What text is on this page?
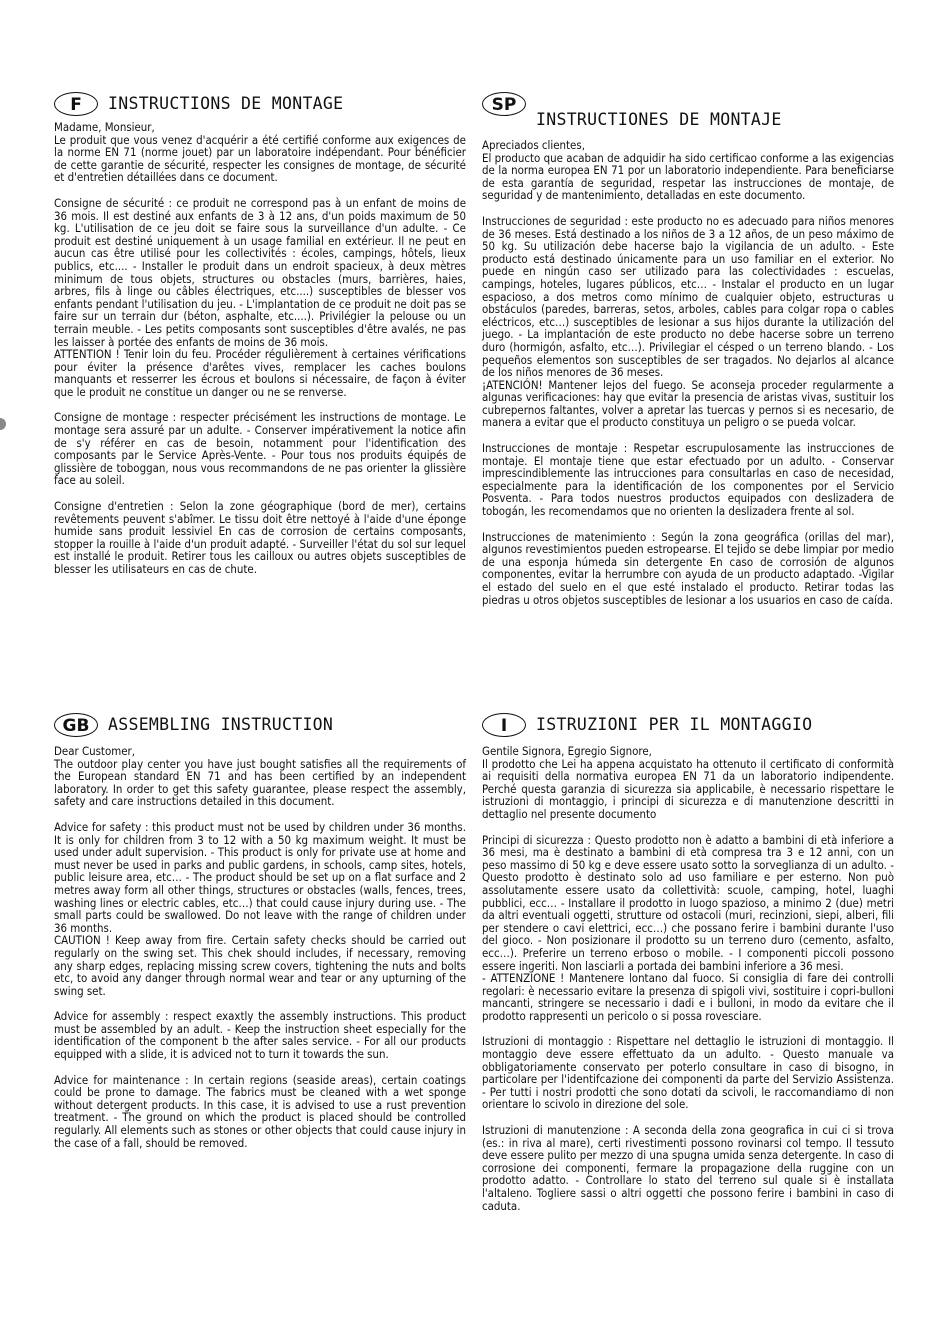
F	INSTRUCTIONS DE MONTAGE

Madame, Monsieur,
Le produit que vous venez d'acquérir a été certifié conforme aux exigences de la norme EN 71 (norme jouet) par un laboratoire indépendant. Pour bénéficier de cette garantie de sécurité, respecter les consignes de montage, de sécurité et d'entretien détaillées dans ce document.

Consigne de sécurité : ce produit ne correspond pas à un enfant de moins de 36 mois. Il est destiné aux enfants de 3 à 12 ans, d'un poids maximum de 50 kg. L'utilisation de ce jeu doit se faire sous la surveillance d'un adulte. - Ce produit est destiné uniquement à un usage familial en extérieur. Il ne peut en aucun cas être utilisé pour les collectivités : écoles, campings, hôtels, lieux publics, etc.... - Installer le produit dans un endroit spacieux, à deux mètres minimum de tous objets, structures ou obstacles (murs, barrières, haies, arbres, fils à linge ou câbles électriques, etc....) susceptibles de blesser vos enfants pendant l'utilisation du jeu. - L'implantation de ce produit ne doit pas se faire sur un terrain dur (béton, asphalte, etc....). Privilégier la pelouse ou un terrain meuble. - Les petits composants sont susceptibles d'être avalés, ne pas les laisser à portée des enfants de moins de 36 mois.
ATTENTION ! Tenir loin du feu. Procéder régulièrement à certaines vérifications pour éviter la présence d'arêtes vives, remplacer les caches boulons manquants et resserrer les écrous et boulons si nécessaire, de façon à éviter que le produit ne constitue un danger ou ne se renverse.

Consigne de montage : respecter précisément les instructions de montage. Le montage sera assuré par un adulte. - Conserver impérativement la notice afin de s'y référer en cas de besoin, notamment pour l'identification des composants par le Service Après-Vente. - Pour tous nos produits équipés de glissière de toboggan, nous vous recommandons de ne pas orienter la glissière face au soleil.

Consigne d'entretien : Selon la zone géographique (bord de mer), certains revêtements peuvent s'abîmer. Le tissu doit être nettoyé à l'aide d'une éponge humide sans produit lessiviel En cas de corrosion de certains composants, stopper la rouille à l'aide d'un produit adapté. - Surveiller l'état du sol sur lequel est installé le produit. Retirer tous les cailloux ou autres objets susceptibles de blesser les utilisateurs en cas de chute.

SP
INSTRUCTIONES DE MONTAJE

Apreciados clientes,
El producto que acaban de adquidir ha sido certificao conforme a las exigencias de la norma europea EN 71 por un laboratorio independiente. Para beneficiarse de esta garantía de seguridad, respetar las instrucciones de montaje, de seguridad y de mantenimiento, detalladas en este documento.

Instrucciones de seguridad : este producto no es adecuado para niños menores de 36 meses. Está destinado a los niños de 3 a 12 años, de un peso máximo de 50 kg. Su utilización debe hacerse bajo la vigilancia de un adulto. - Este producto está destinado únicamente para un uso familiar en el exterior. No puede en ningún caso ser utilizado para las colectividades : escuelas, campings, hoteles, lugares públicos, etc… - Instalar el producto en un lugar espacioso, a dos metros como mínimo de cualquier objeto, estructuras u obstáculos (paredes, barreras, setos, arboles, cables para colgar ropa o cables eléctricos, etc…) susceptibles de lesionar a sus hijos durante la utilización del juego. - La implantación de este producto no debe hacerse sobre un terreno duro (hormigón, asfalto, etc…). Privilegiar el césped o un terreno blando. - Los pequeños elementos son susceptibles de ser tragados. No dejarlos al alcance de los niños menores de 36 meses.
¡ATENCIÓN! Mantener lejos del fuego. Se aconseja proceder regularmente a algunas verificaciones: hay que evitar la presencia de aristas vivas, sustituir los cubrepernos faltantes, volver a apretar las tuercas y pernos si es necesario, de manera a evitar que el producto constituya un peligro o se pueda volcar.

Instrucciones de montaje : Respetar escrupulosamente las instrucciones de montaje. El montaje tiene que estar efectuado por un adulto. - Conservar imprescindiblemente las intrucciones para consultarlas en caso de necesidad, especialmente para la identificación de los componentes por el Servicio Posventa. - Para todos nuestros productos equipados con deslizadera de tobogán, les recomendamos que no orienten la deslizadera frente al sol.

Instrucciones de matenimiento : Según la zona geográfica (orillas del mar), algunos revestimientos pueden estropearse. El tejido se debe limpiar por medio de una esponja húmeda sin detergente En caso de corrosión de algunos componentes, evitar la herrumbre con ayuda de un producto adaptado. -Vigilar el estado del suelo en el que esté instalado el producto. Retirar todas las piedras u otros objetos susceptibles de lesionar a los usuarios en caso de caída.

GB	ASSEMBLING INSTRUCTION

Dear Customer,
The outdoor play center you have just bought satisfies all the requirements of the European standard EN 71 and has been certified by an independent laboratory. In order to get this safety guarantee, please respect the assembly, safety and care instructions detailed in this document.

Advice for safety : this product must not be used by children under 36 months. It is only for children from 3 to 12 with a 50 kg maximum weight. It must be used under adult supervision. - This product is only for private use at home and must never be used in parks and public gardens, in schools, camp sites, hotels, public leisure area, etc… - The product should be set up on a flat surface and 2 metres away form all other things, structures or obstacles (walls, fences, trees, washing lines or electric cables, etc…) that could cause injury during use. - The small parts could be swallowed. Do not leave with the range of children under 36 months.
CAUTION ! Keep away from fire. Certain safety checks should be carried out regularly on the swing set. This chek should includes, if necessary, removing any sharp edges, replacing missing screw covers, tightening the nuts and bolts etc, to avoid any danger through normal wear and tear or any upturning of the swing set.

Advice for assembly : respect exaxtly the assembly instructions. This product must be assembled by an adult. - Keep the instruction sheet especially for the identification of the component b the after sales service. - For all our products equipped with a slide, it is adviced not to turn it towards the sun.

Advice for maintenance : In certain regions (seaside areas), certain coatings could be prone to damage. The fabrics must be cleaned with a wet sponge without detergent products. In this case, it is advised to use a rust prevention treatment. - The ground on which the product is placed should be controlled regularly. All elements such as stones or other objects that could cause injury in the case of a fall, should be removed.

I	ISTRUZIONI PER IL MONTAGGIO

Gentile Signora, Egregio Signore,
Il prodotto che Lei ha appena acquistato ha ottenuto il certificato di conformità ai requisiti della normativa europea EN 71 da un laboratorio indipendente. Perché questa garanzia di sicurezza sia applicabile, è necessario rispettare le istruzioni di montaggio, i principi di sicurezza e di manutenzione descritti in dettaglio nel presente documento

Principi di sicurezza : Questo prodotto non è adatto a bambini di età inferiore a 36 mesi, ma è destinato a bambini di età compresa tra 3 e 12 anni, con un peso massimo di 50 kg e deve essere usato sotto la sorveglianza di un adulto. - Questo prodotto è destinato solo ad uso familiare e per esterno. Non può assolutamente essere usato da collettività: scuole, camping, hotel, luaghi pubblici, ecc… - Installare il prodotto in luogo spazioso, a minimo 2 (due) metri da altri eventuali oggetti, strutture od ostacoli (muri, recinzioni, siepi, alberi, fili per stendere o cavi elettrici, ecc…) che possano ferire i bambini durante l'uso del gioco. - Non posizionare il prodotto su un terreno duro (cemento, asfalto, ecc…). Preferire un terreno erboso o mobile. - I componenti piccoli possono essere ingeriti. Non lasciarli a portada dei bambini inferiore a 36 mesi.
- ATTENZIONE ! Mantenere lontano dal fuoco. Si consiglia di fare dei controlli regolari: è necessario evitare la presenza di spigoli vivi, sostituire i copri-bulloni mancanti, stringere se necessario i dadi e i bulloni, in modo da evitare che il prodotto rappresenti un pericolo o si possa rovesciare.

Istruzioni di montaggio : Rispettare nel dettaglio le istruzioni di montaggio. Il montaggio deve essere effettuato da un adulto. - Questo manuale va obbligatoriamente conservato per poterlo consultare in caso di bisogno, in particolare per l'identifcazione dei componenti da parte del Servizio Assistenza. - Per tutti i nostri prodotti che sono dotati da scivoli, le raccomandiamo di non orientare lo scivolo in direzione del sole.

Istruzioni di manutenzione : A seconda della zona geografica in cui ci si trova (es.: in riva al mare), certi rivestimenti possono rovinarsi col tempo. Il tessuto deve essere pulito per mezzo di una spugna umida senza detergente. In caso di corrosione dei componenti, fermare la propagazione della ruggine con un prodotto adatto. - Controllare lo stato del terreno sul quale si è installata l'altaleno. Togliere sassi o altri oggetti che possono ferire i bambini in caso di caduta.
